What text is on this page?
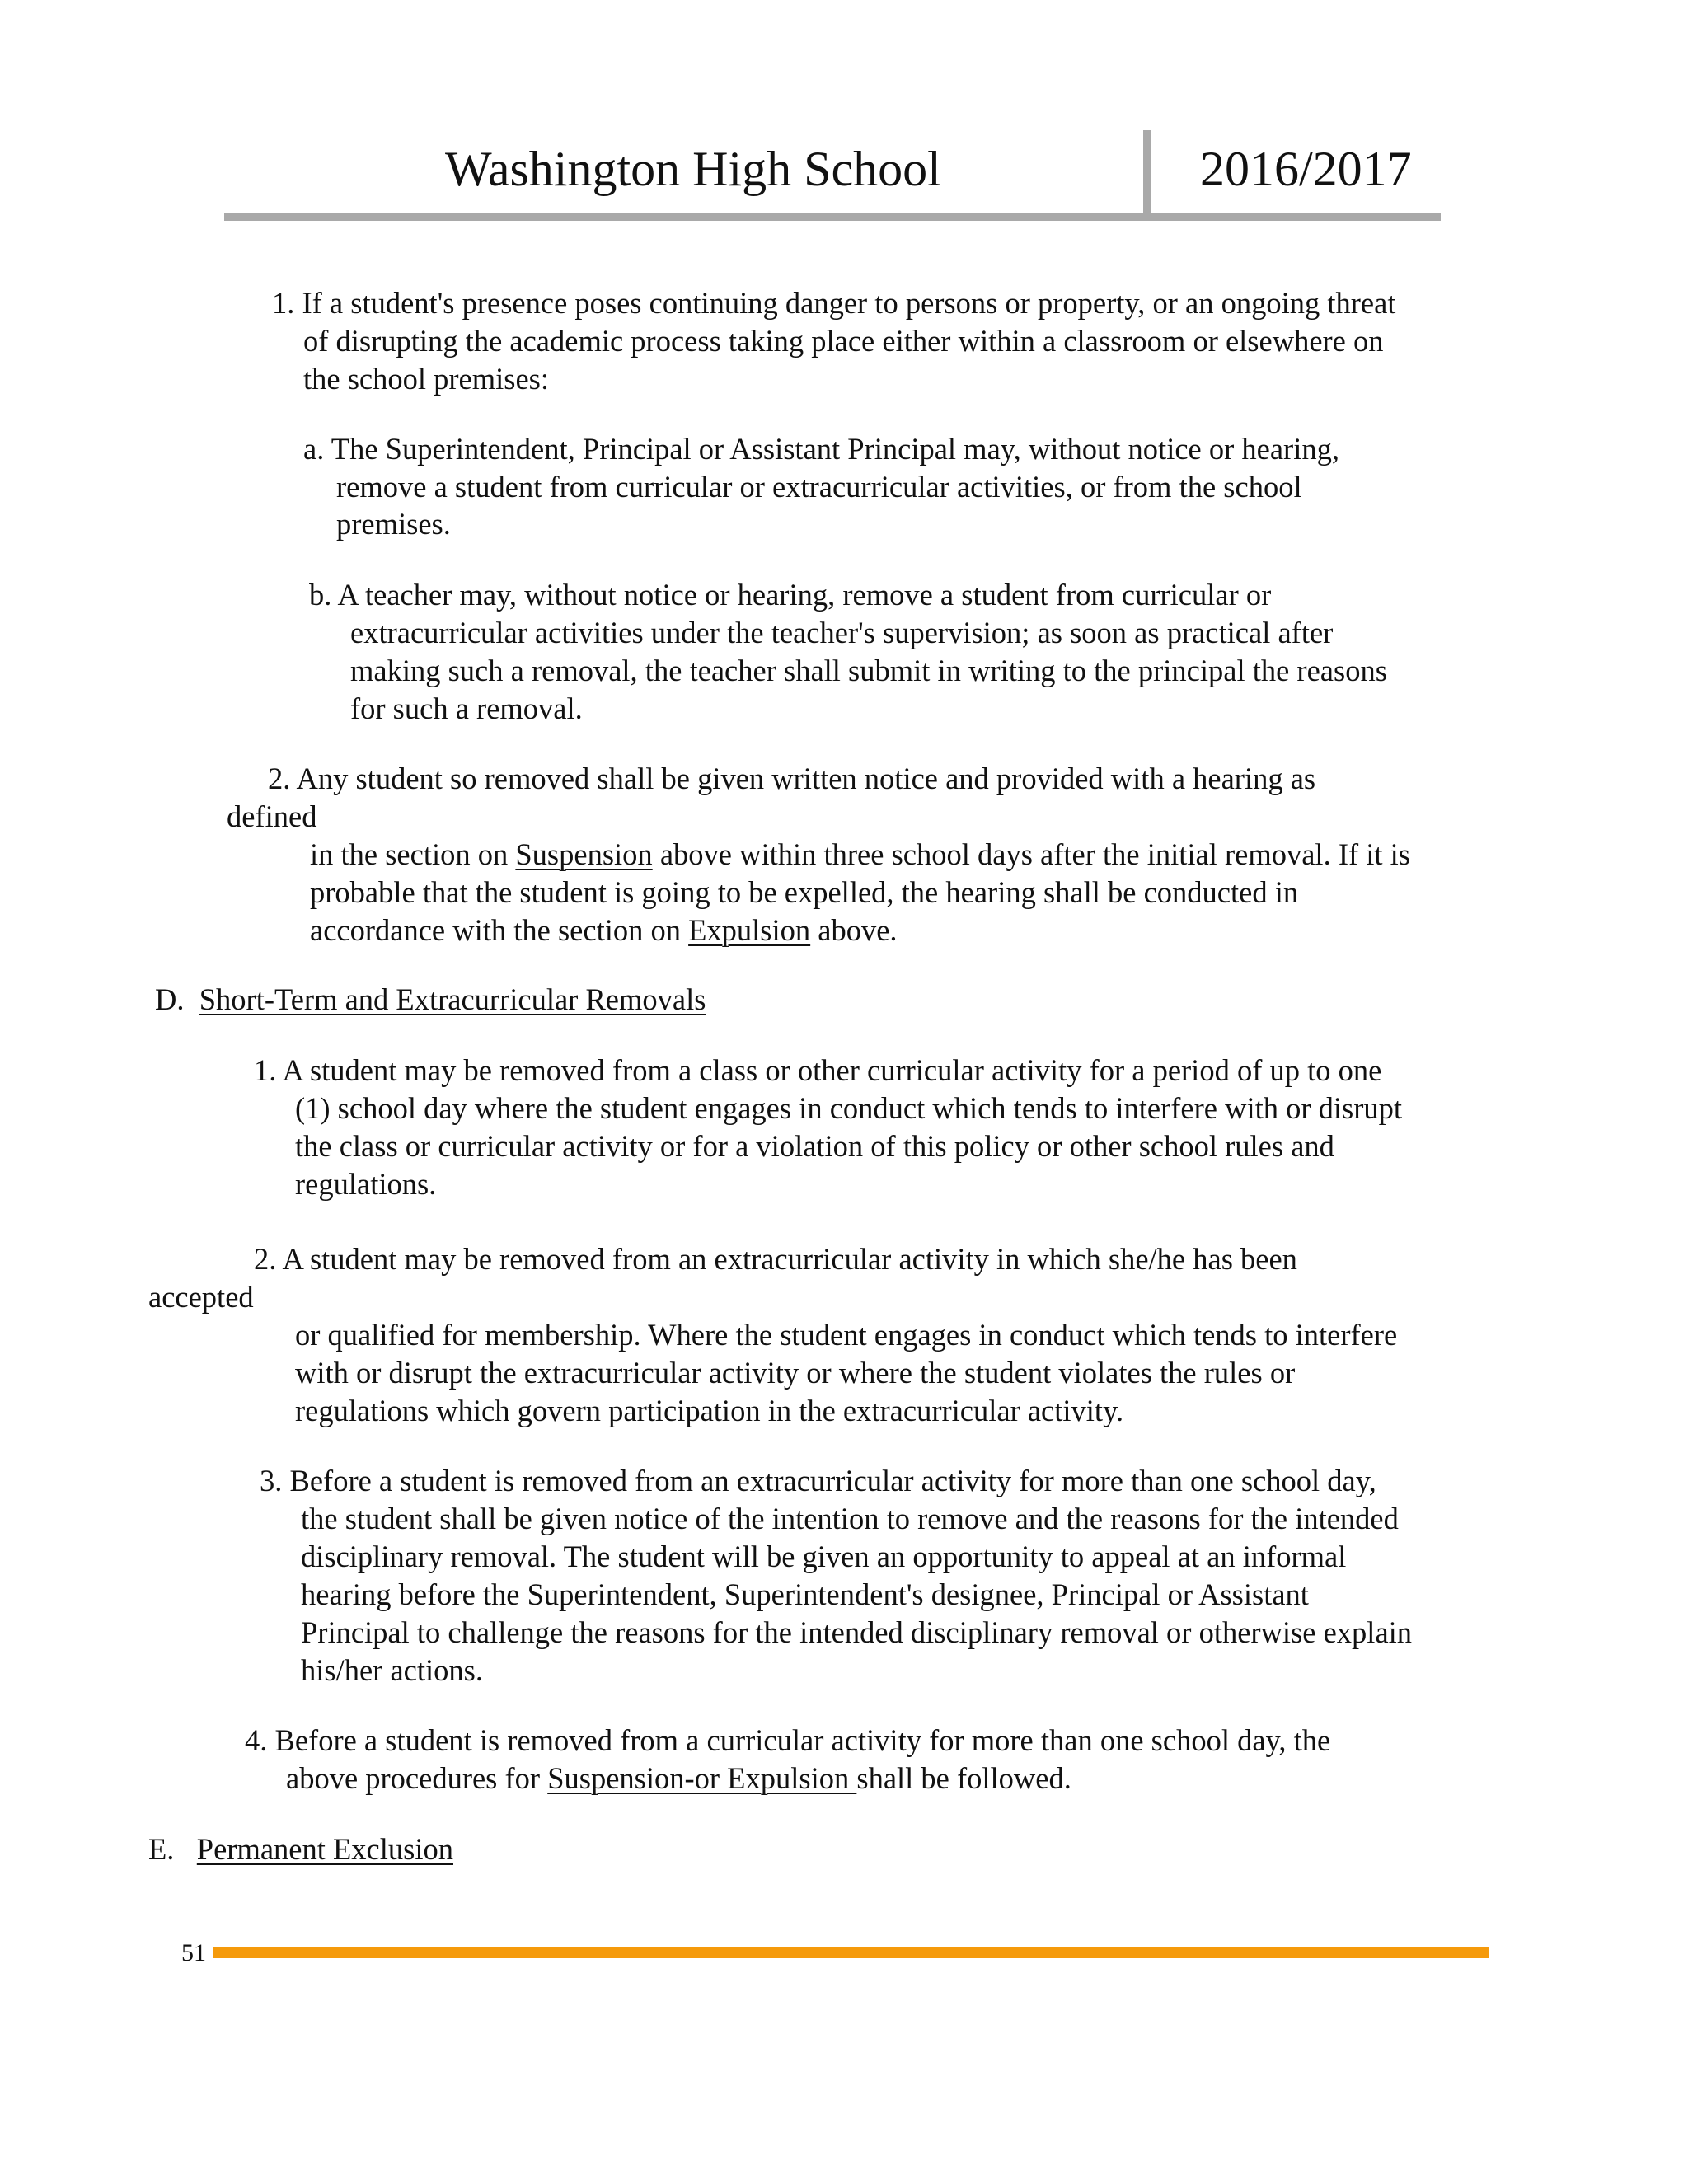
Washington High School	2016/2017
1. If a student's presence poses continuing danger to persons or property, or an ongoing threat
of disrupting the academic process taking place either within a classroom or elsewhere on
the school premises:
a. The Superintendent, Principal or Assistant Principal may, without notice or hearing,
remove a student from curricular or extracurricular activities, or from the school
premises.
b. A teacher may, without notice or hearing, remove a student from curricular or
extracurricular activities under the teacher's supervision; as soon as practical after
making such a removal, the teacher shall submit in writing to the principal the reasons
for such a removal.
2. Any student so removed shall be given written notice and provided with a hearing as
defined
in the section on Suspension above within three school days after the initial removal. If it is
probable that the student is going to be expelled, the hearing shall be conducted in
accordance with the section on Expulsion above.
D. Short-Term and Extracurricular Removals
1. A student may be removed from a class or other curricular activity for a period of up to one
(1) school day where the student engages in conduct which tends to interfere with or disrupt
the class or curricular activity or for a violation of this policy or other school rules and
regulations.
2. A student may be removed from an extracurricular activity in which she/he has been
accepted
or qualified for membership. Where the student engages in conduct which tends to interfere
with or disrupt the extracurricular activity or where the student violates the rules or
regulations which govern participation in the extracurricular activity.
3. Before a student is removed from an extracurricular activity for more than one school day,
the student shall be given notice of the intention to remove and the reasons for the intended
disciplinary removal. The student will be given an opportunity to appeal at an informal
hearing before the Superintendent, Superintendent's designee, Principal or Assistant
Principal to challenge the reasons for the intended disciplinary removal or otherwise explain
his/her actions.
4. Before a student is removed from a curricular activity for more than one school day, the
above procedures for Suspension-or Expulsion shall be followed.
E. Permanent Exclusion
51
